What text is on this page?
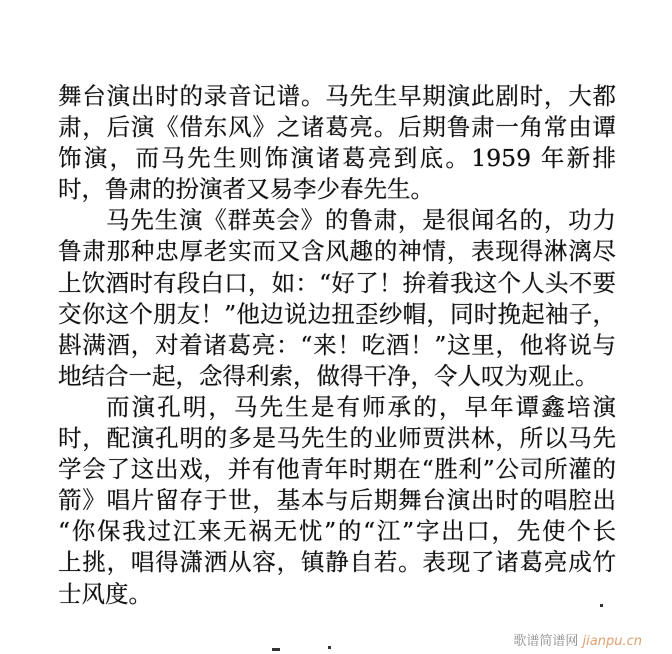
舞台演出时的录音记谱。马先生早期演此剧时，大都
肃，后演《借东风》之诸葛亮。后期鲁肃一角常由谭
饰演，而马先生则饰演诸葛亮到底。1959 年新排
时，鲁肃的扮演者又易李少春先生。
马先生演《群英会》的鲁肃，是很闻名的，功力
鲁肃那种忠厚老实而又含风趣的神情，表现得淋漓尽
上饮酒时有段白口，如：“好了！拚着我这个人头不要
交你这个朋友！”他边说边扭歪纱帽，同时挽起袖子，
斟满酒，对着诸葛亮：“来！吃酒！”这里，他将说与
地结合一起，念得利索，做得干净，令人叹为观止。
而演孔明，马先生是有师承的，早年谭鑫培演
时，配演孔明的多是马先生的业师贾洪林，所以马先
学会了这出戏，并有他青年时期在“胜利”公司所灌的
箭》唱片留存于世，基本与后期舞台演出时的唱腔出
“你保我过江来无祸无忧”的“江”字出口，先使个长
上挑，唱得潇洒从容，镇静自若。表现了诸葛亮成竹
士风度。
歌谱简谱网 jianpu.cn
